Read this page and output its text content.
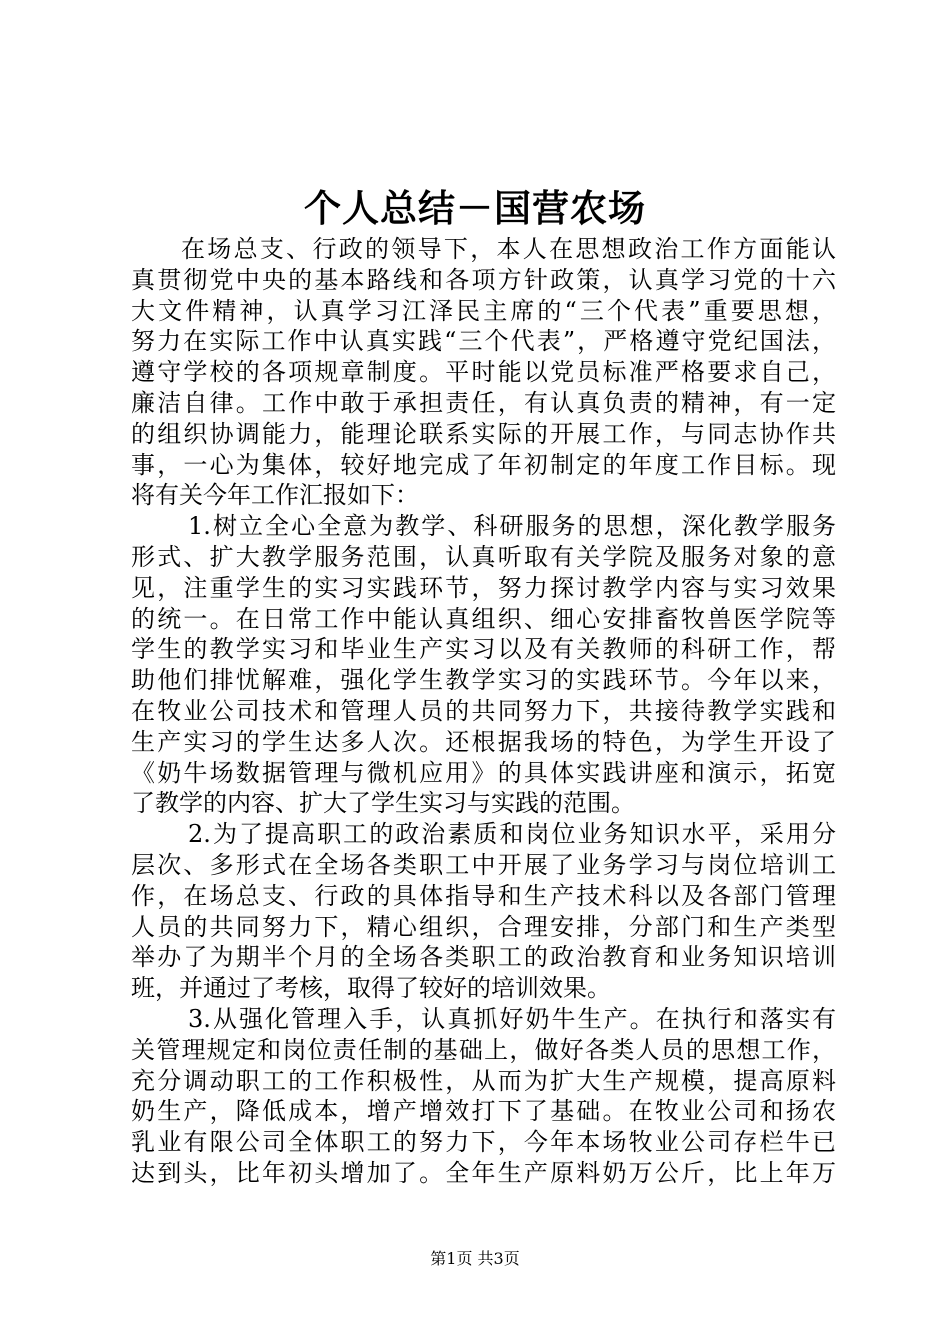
个人总结－国营农场
在场总支、行政的领导下，本人在思想政治工作方面能认
真贯彻党中央的基本路线和各项方针政策，认真学习党的十六
大文件精神，认真学习江泽民主席的“三个代表”重要思想，
努力在实际工作中认真实践“三个代表”，严格遵守党纪国法，
遵守学校的各项规章制度。平时能以党员标准严格要求自己，
廉洁自律。工作中敢于承担责任，有认真负责的精神，有一定
的组织协调能力，能理论联系实际的开展工作，与同志协作共
事，一心为集体，较好地完成了年初制定的年度工作目标。现
将有关今年工作汇报如下：
1.树立全心全意为教学、科研服务的思想，深化教学服务
形式、扩大教学服务范围，认真听取有关学院及服务对象的意
见，注重学生的实习实践环节，努力探讨教学内容与实习效果
的统一。在日常工作中能认真组织、细心安排畜牧兽医学院等
学生的教学实习和毕业生产实习以及有关教师的科研工作，帮
助他们排忧解难，强化学生教学实习的实践环节。今年以来，
在牧业公司技术和管理人员的共同努力下，共接待教学实践和
生产实习的学生达多人次。还根据我场的特色，为学生开设了
《奶牛场数据管理与微机应用》的具体实践讲座和演示，拓宽
了教学的内容、扩大了学生实习与实践的范围。
2.为了提高职工的政治素质和岗位业务知识水平，采用分
层次、多形式在全场各类职工中开展了业务学习与岗位培训工
作，在场总支、行政的具体指导和生产技术科以及各部门管理
人员的共同努力下，精心组织，合理安排，分部门和生产类型
举办了为期半个月的全场各类职工的政治教育和业务知识培训
班，并通过了考核，取得了较好的培训效果。
3.从强化管理入手，认真抓好奶牛生产。在执行和落实有
关管理规定和岗位责任制的基础上，做好各类人员的思想工作，
充分调动职工的工作积极性，从而为扩大生产规模，提高原料
奶生产，降低成本，增产增效打下了基础。在牧业公司和扬农
乳业有限公司全体职工的努力下，今年本场牧业公司存栏牛已
达到头，比年初头增加了。全年生产原料奶万公斤，比上年万
第1页 共3页
